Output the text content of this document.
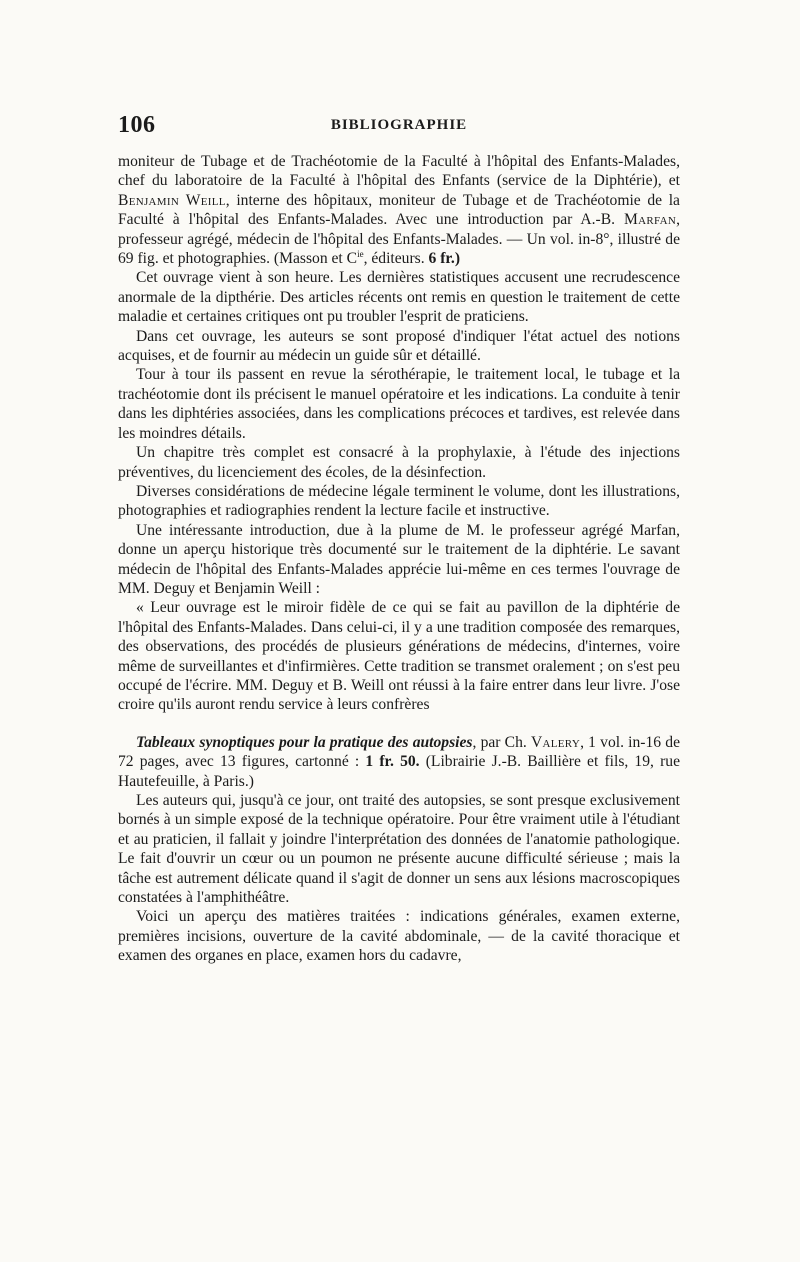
106	BIBLIOGRAPHIE

moniteur de Tubage et de Trachéotomie de la Faculté à l'hôpital des Enfants-Malades, chef du laboratoire de la Faculté à l'hôpital des Enfants (service de la Diphtérie), et Benjamin Weill, interne des hôpitaux, moniteur de Tubage et de Trachéotomie de la Faculté à l'hôpital des Enfants-Malades. Avec une introduction par A.-B. Marfan, professeur agrégé, médecin de l'hôpital des Enfants-Malades. — Un vol. in-8°, illustré de 69 fig. et photographies. (Masson et $C^{ie}$, éditeurs. 6 fr.)

Cet ouvrage vient à son heure. Les dernières statistiques accusent une recrudescence anormale de la dipthérie. Des articles récents ont remis en question le traitement de cette maladie et certaines critiques ont pu troubler l'esprit de praticiens.

Dans cet ouvrage, les auteurs se sont proposé d'indiquer l'état actuel des notions acquises, et de fournir au médecin un guide sûr et détaillé.

Tour à tour ils passent en revue la sérothérapie, le traitement local, le tubage et la trachéotomie dont ils précisent le manuel opératoire et les indications. La conduite à tenir dans les diphtéries associées, dans les complications précoces et tardives, est relevée dans les moindres détails.

Un chapitre très complet est consacré à la prophylaxie, à l'étude des injections préventives, du licenciement des écoles, de la désinfection.

Diverses considérations de médecine légale terminent le volume, dont les illustrations, photographies et radiographies rendent la lecture facile et instructive.

Une intéressante introduction, due à la plume de M. le professeur agrégé Marfan, donne un aperçu historique très documenté sur le traitement de la diphtérie. Le savant médecin de l'hôpital des Enfants-Malades apprécie lui-même en ces termes l'ouvrage de MM. Deguy et Benjamin Weill :

« Leur ouvrage est le miroir fidèle de ce qui se fait au pavillon de la diphtérie de l'hôpital des Enfants-Malades. Dans celui-ci, il y a une tradition composée des remarques, des observations, des procédés de plusieurs générations de médecins, d'internes, voire même de surveillantes et d'infirmières. Cette tradition se transmet oralement ; on s'est peu occupé de l'écrire. MM. Deguy et B. Weill ont réussi à la faire entrer dans leur livre. J'ose croire qu'ils auront rendu service à leurs confrères

Tableaux synoptiques pour la pratique des autopsies, par Ch. Valery, 1 vol. in-16 de 72 pages, avec 13 figures, cartonné : 1 fr. 50. (Librairie J.-B. Baillière et fils, 19, rue Hautefeuille, à Paris.)

Les auteurs qui, jusqu'à ce jour, ont traité des autopsies, se sont presque exclusivement bornés à un simple exposé de la technique opératoire. Pour être vraiment utile à l'étudiant et au praticien, il fallait y joindre l'interprétation des données de l'anatomie pathologique. Le fait d'ouvrir un cœur ou un poumon ne présente aucune difficulté sérieuse ; mais la tâche est autrement délicate quand il s'agit de donner un sens aux lésions macroscopiques constatées à l'amphithéâtre.

Voici un aperçu des matières traitées : indications générales, examen externe, premières incisions, ouverture de la cavité abdominale, — de la cavité thoracique et examen des organes en place, examen hors du cadavre,
